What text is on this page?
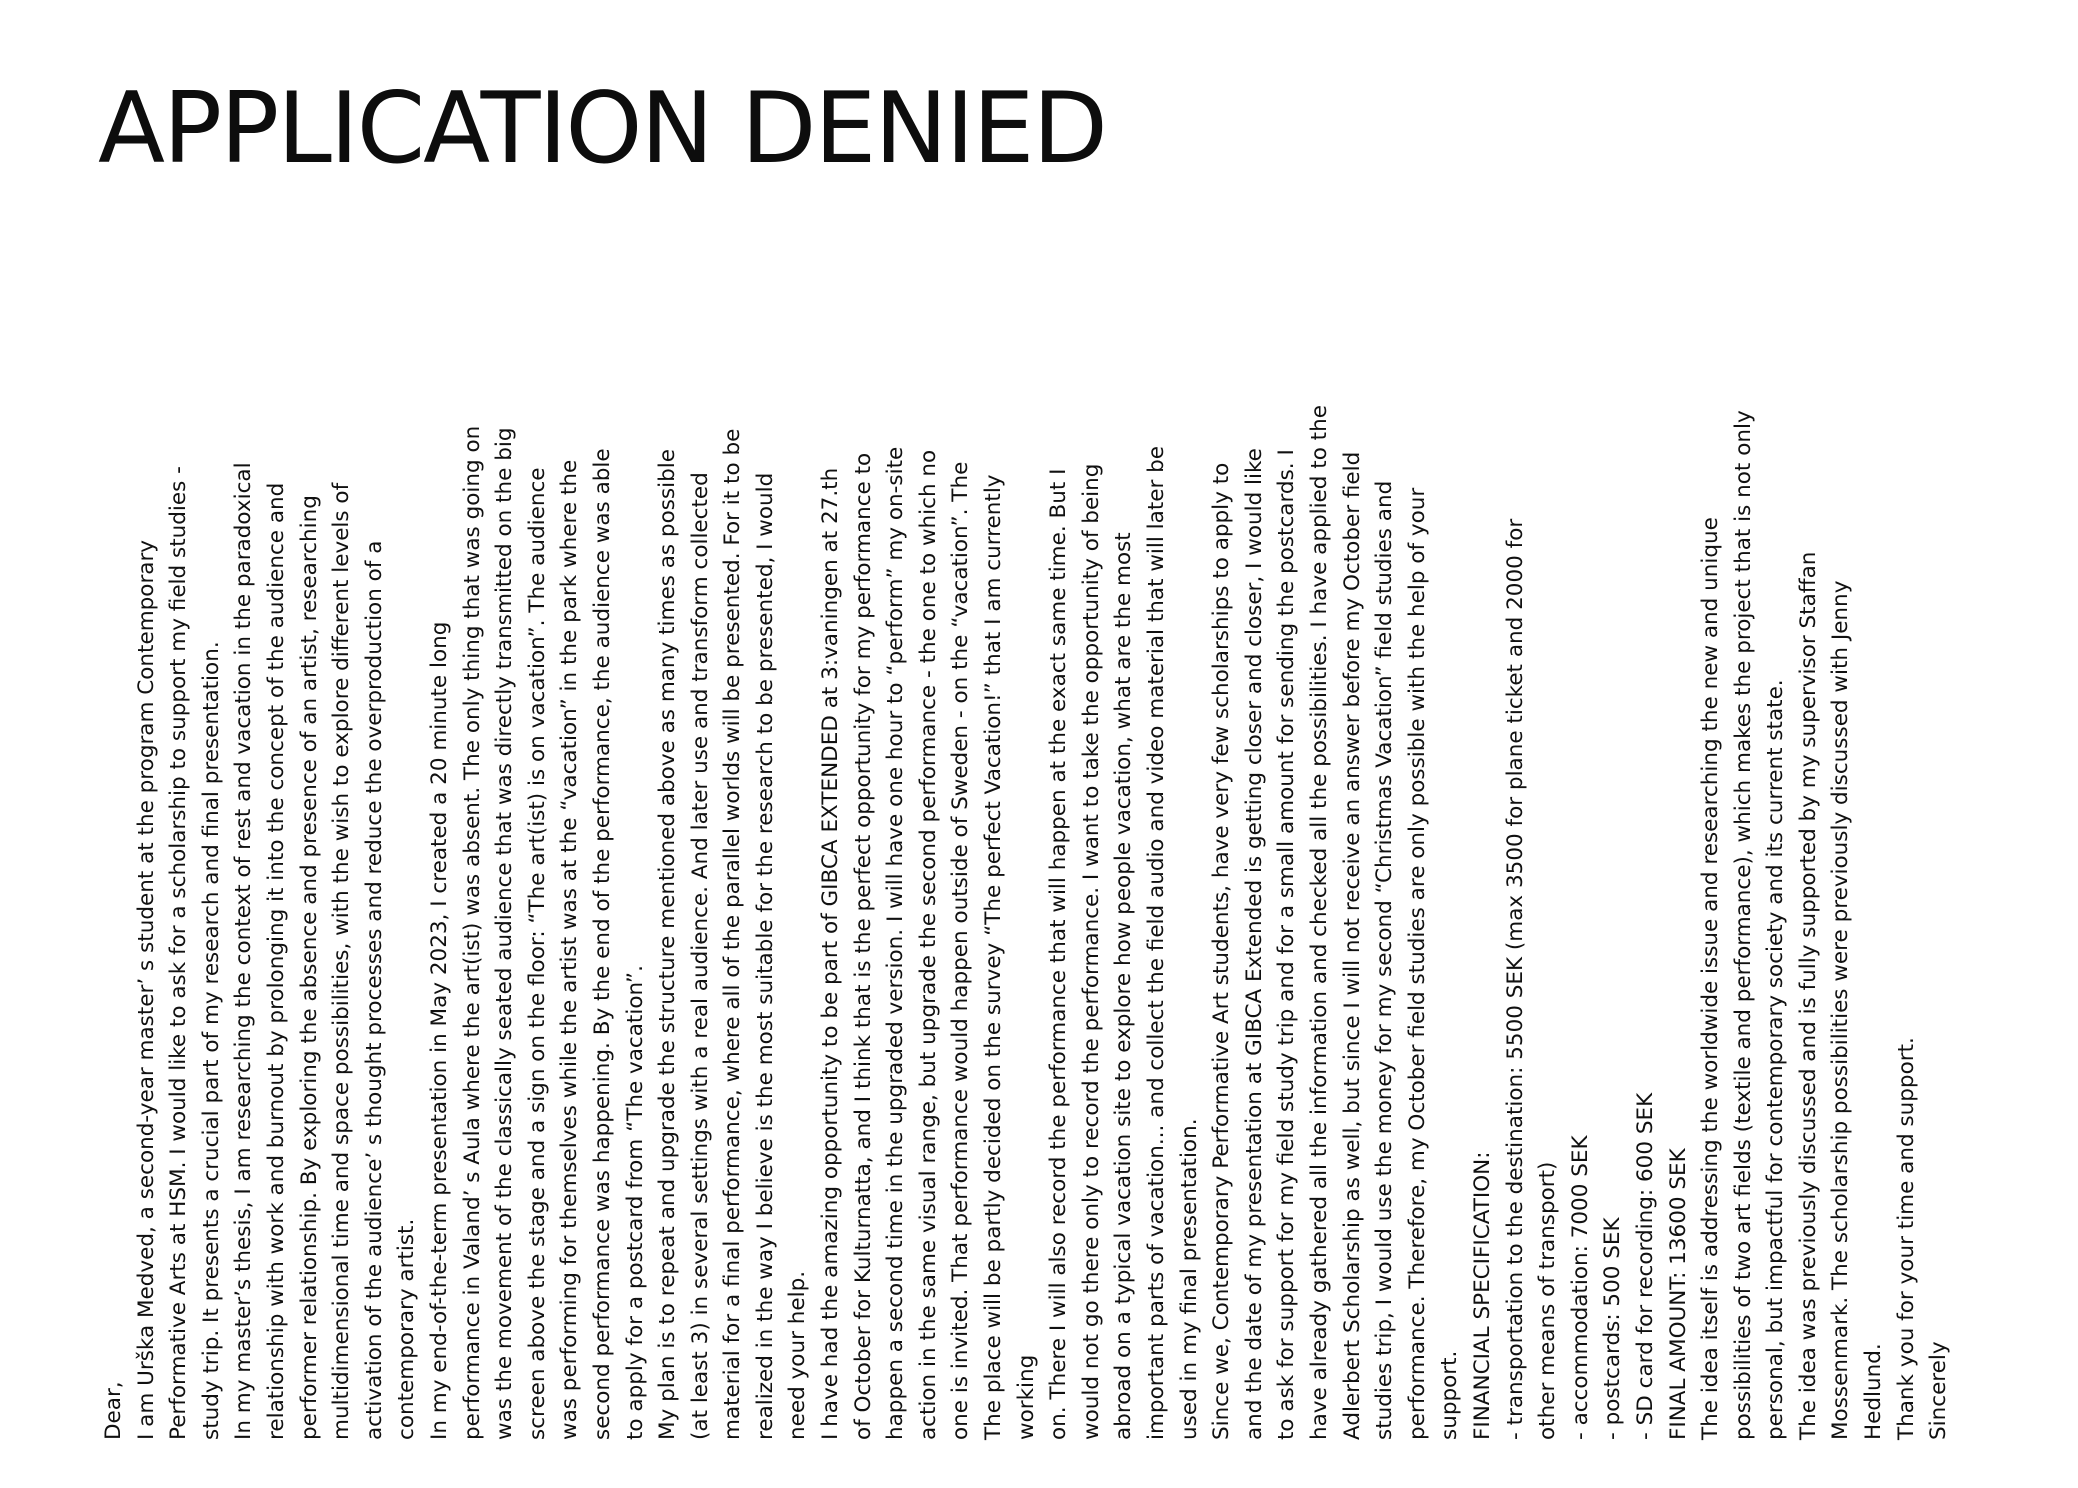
APPLICATION DENIED
Dear, I am Urška Medved, a second-year master’ s student at the program Contemporary Performative Arts at HSM. I would like to ask for a scholarship to support my field studies - study trip. It presents a crucial part of my research and final presentation. In my master’s thesis, I am researching the context of rest and vacation in the paradoxical relationship with work and burnout by prolonging it into the concept of the audience and performer relationship. By exploring the absence and presence of an artist, researching multidimensional time and space possibilities, with the wish to explore different levels of activation of the audience’ s thought processes and reduce the overproduction of a contemporary artist. In my end-of-the-term presentation in May 2023, I created a 20 minute long performance in Valand’ s Aula where the art(ist) was absent. The only thing that was going on was the movement of the classically seated audience that was directly transmitted on the big screen above the stage and a sign on the floor: “The art(ist) is on vacation”. The audience was performing for themselves while the artist was at the “vacation” in the park where the second performance was happening. By the end of the performance, the audience was able to apply for a postcard from “The vacation”. My plan is to repeat and upgrade the structure mentioned above as many times as possible (at least 3) in several settings with a real audience. And later use and transform collected material for a final performance, where all of the parallel worlds will be presented. For it to be realized in the way I believe is the most suitable for the research to be presented, I would need your help. I have had the amazing opportunity to be part of GIBCA EXTENDED at 3:vaningen at 27.th of October for Kulturnatta, and I think that is the perfect opportunity for my performance to happen a second time in the upgraded version. I will have one hour to “perform” my on-site action in the same visual range, but upgrade the second performance - the one to which no one is invited. That performance would happen outside of Sweden - on the “vacation”. The The place will be partly decided on the survey “The perfect Vacation!” that I am currently working on. There I will also record the performance that will happen at the exact same time. But I would not go there only to record the performance. I want to take the opportunity of being abroad on a typical vacation site to explore how people vacation, what are the most important parts of vacation... and collect the field audio and video material that will later be used in my final presentation. Since we, Contemporary Performative Art students, have very few scholarships to apply to and the date of my presentation at GIBCA Extended is getting closer and closer, I would like to ask for support for my field study trip and for a small amount for sending the postcards. I have already gathered all the information and checked all the possibilities. I have applied to the Adlerbert Scholarship as well, but since I will not receive an answer before my October field studies trip, I would use the money for my second “Christmas Vacation” field studies and performance. Therefore, my October field studies are only possible with the help of your support. FINANCIAL SPECIFICATION: - transportation to the destination: 5500 SEK (max 3500 for plane ticket and 2000 for other means of transport) - accommodation: 7000 SEK - postcards: 500 SEK - SD card for recording: 600 SEK FINAL AMOUNT: 13600 SEK The idea itself is addressing the worldwide issue and researching the new and unique possibilities of two art fields (textile and performance), which makes the project that is not only personal, but impactful for contemporary society and its current state. The idea was previously discussed and is fully supported by my supervisor Staffan Mossenmark. The scholarship possibilities were previously discussed with Jenny Hedlund. Thank you for your time and support. Sincerely
